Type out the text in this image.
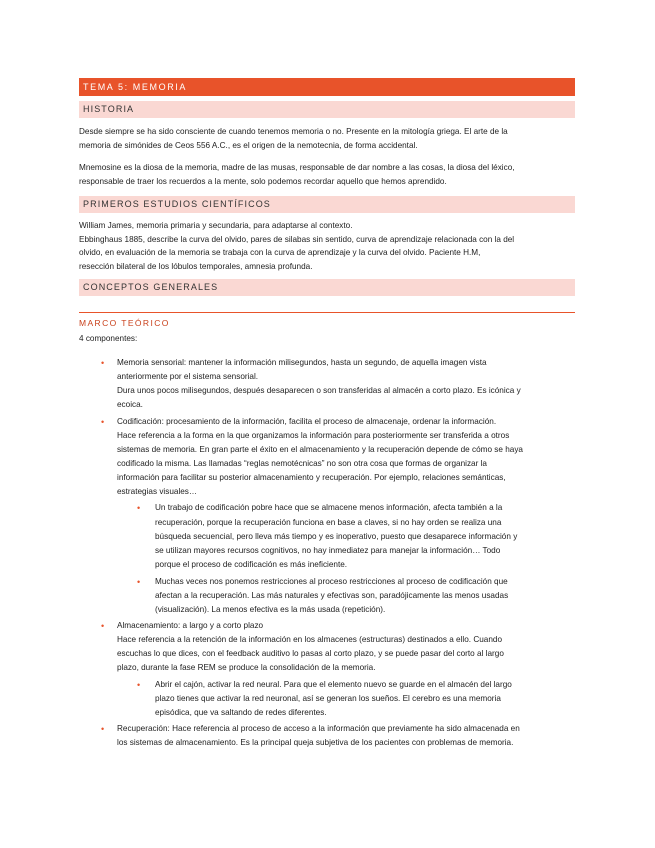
TEMA 5: MEMORIA
HISTORIA

Desde siempre se ha sido consciente de cuando tenemos memoria o no. Presente en la mitología griega. El arte de la
memoria de simónides de Ceos 556 A.C., es el origen de la nemotecnia, de forma accidental.

Mnemosine es la diosa de la memoria, madre de las musas, responsable de dar nombre a las cosas, la diosa del léxico,
responsable de traer los recuerdos a la mente, solo podemos recordar aquello que hemos aprendido.

PRIMEROS ESTUDIOS CIENTÍFICOS

William James, memoria primaria y secundaria, para adaptarse al contexto.
Ebbinghaus 1885, describe la curva del olvido, pares de silabas sin sentido, curva de aprendizaje relacionada con la del
olvido, en evaluación de la memoria se trabaja con la curva de aprendizaje y la curva del olvido. Paciente H.M,
resección bilateral de los lóbulos temporales, amnesia profunda.

CONCEPTOS GENERALES
MARCO TEÓRICO

4 componentes:

• Memoria sensorial: mantener la información milisegundos, hasta un segundo, de aquella imagen vista
anteriormente por el sistema sensorial.
Dura unos pocos milisegundos, después desaparecen o son transferidas al almacén a corto plazo. Es icónica y
ecoica.
• Codificación: procesamiento de la información, facilita el proceso de almacenaje, ordenar la información.
Hace referencia a la forma en la que organizamos la información para posteriormente ser transferida a otros
sistemas de memoria. En gran parte el éxito en el almacenamiento y la recuperación depende de cómo se haya
codificado la misma. Las llamadas “reglas nemotécnicas” no son otra cosa que formas de organizar la
información para facilitar su posterior almacenamiento y recuperación. Por ejemplo, relaciones semánticas,
estrategias visuales…
• Un trabajo de codificación pobre hace que se almacene menos información, afecta también a la
recuperación, porque la recuperación funciona en base a claves, si no hay orden se realiza una
búsqueda secuencial, pero lleva más tiempo y es inoperativo, puesto que desaparece información y
se utilizan mayores recursos cognitivos, no hay inmediatez para manejar la información… Todo
porque el proceso de codificación es más ineficiente.
• Muchas veces nos ponemos restricciones al proceso restricciones al proceso de codificación que
afectan a la recuperación. Las más naturales y efectivas son, paradójicamente las menos usadas
(visualización). La menos efectiva es la más usada (repetición).
• Almacenamiento: a largo y a corto plazo
Hace referencia a la retención de la información en los almacenes (estructuras) destinados a ello. Cuando
escuchas lo que dices, con el feedback auditivo lo pasas al corto plazo, y se puede pasar del corto al largo
plazo, durante la fase REM se produce la consolidación de la memoria.
• Abrir el cajón, activar la red neural. Para que el elemento nuevo se guarde en el almacén del largo
plazo tienes que activar la red neuronal, así se generan los sueños. El cerebro es una memoria
episódica, que va saltando de redes diferentes.
• Recuperación: Hace referencia al proceso de acceso a la información que previamente ha sido almacenada en
los sistemas de almacenamiento. Es la principal queja subjetiva de los pacientes con problemas de memoria.
